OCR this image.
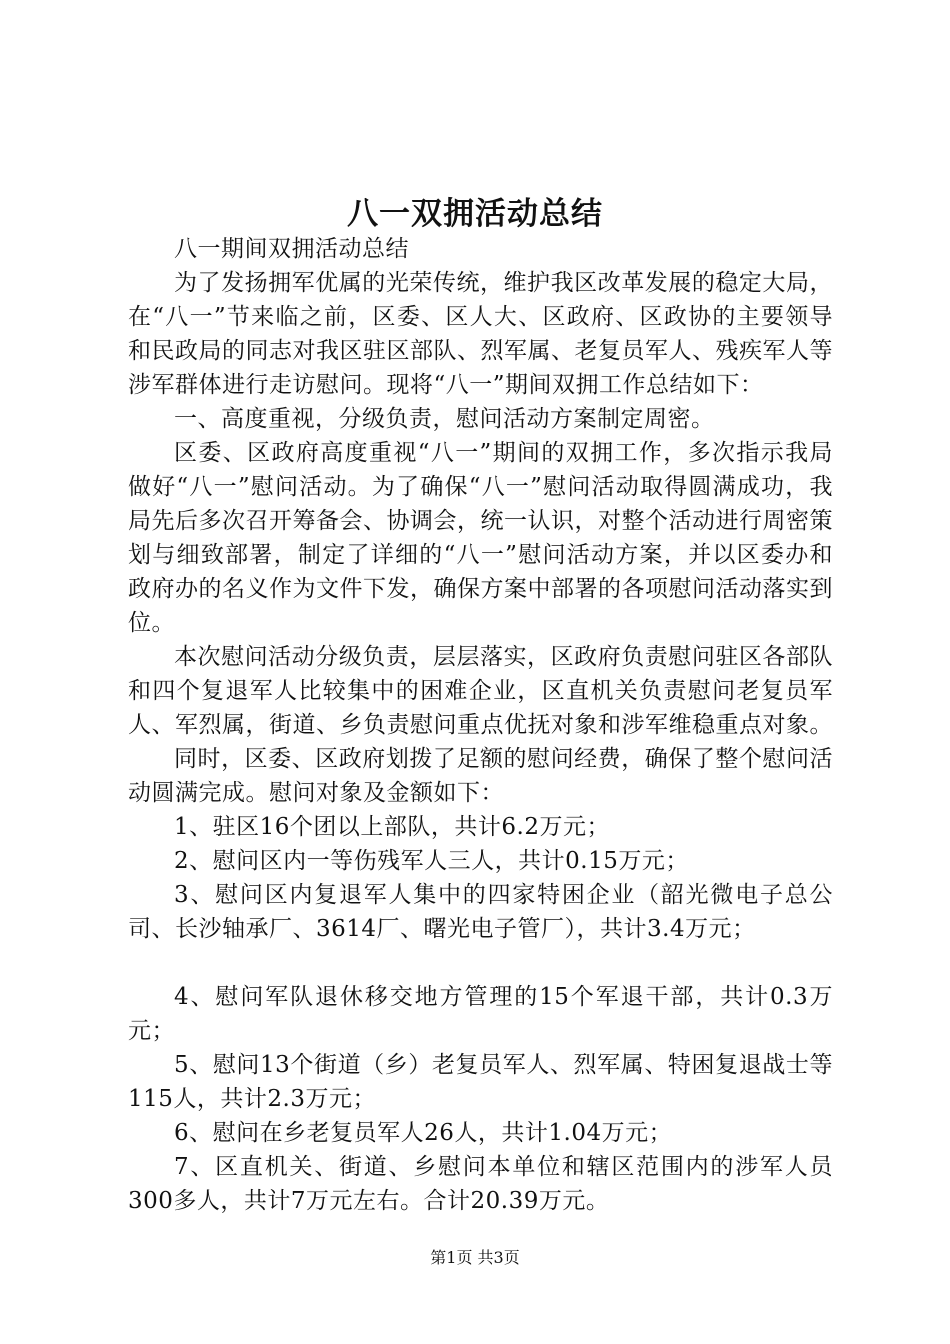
八一双拥活动总结

八一期间双拥活动总结

为了发扬拥军优属的光荣传统，维护我区改革发展的稳定大局，在“八一”节来临之前，区委、区人大、区政府、区政协的主要领导和民政局的同志对我区驻区部队、烈军属、老复员军人、残疾军人等涉军群体进行走访慰问。现将“八一”期间双拥工作总结如下：

一、高度重视，分级负责，慰问活动方案制定周密。

区委、区政府高度重视“八一”期间的双拥工作，多次指示我局做好“八一”慰问活动。为了确保“八一”慰问活动取得圆满成功，我局先后多次召开筹备会、协调会，统一认识，对整个活动进行周密策划与细致部署，制定了详细的“八一”慰问活动方案，并以区委办和政府办的名义作为文件下发，确保方案中部署的各项慰问活动落实到位。

本次慰问活动分级负责，层层落实，区政府负责慰问驻区各部队和四个复退军人比较集中的困难企业，区直机关负责慰问老复员军人、军烈属，街道、乡负责慰问重点优抚对象和涉军维稳重点对象。

同时，区委、区政府划拨了足额的慰问经费，确保了整个慰问活动圆满完成。慰问对象及金额如下：

1、驻区16个团以上部队，共计6.2万元；

2、慰问区内一等伤残军人三人，共计0.15万元；

3、慰问区内复退军人集中的四家特困企业（韶光微电子总公司、长沙轴承厂、3614厂、曙光电子管厂），共计3.4万元；

4、慰问军队退休移交地方管理的15个军退干部，共计0.3万元；

5、慰问13个街道（乡）老复员军人、烈军属、特困复退战士等115人，共计2.3万元；

6、慰问在乡老复员军人26人，共计1.04万元；

7、区直机关、街道、乡慰问本单位和辖区范围内的涉军人员300多人，共计7万元左右。合计20.39万元。

第1页 共3页
